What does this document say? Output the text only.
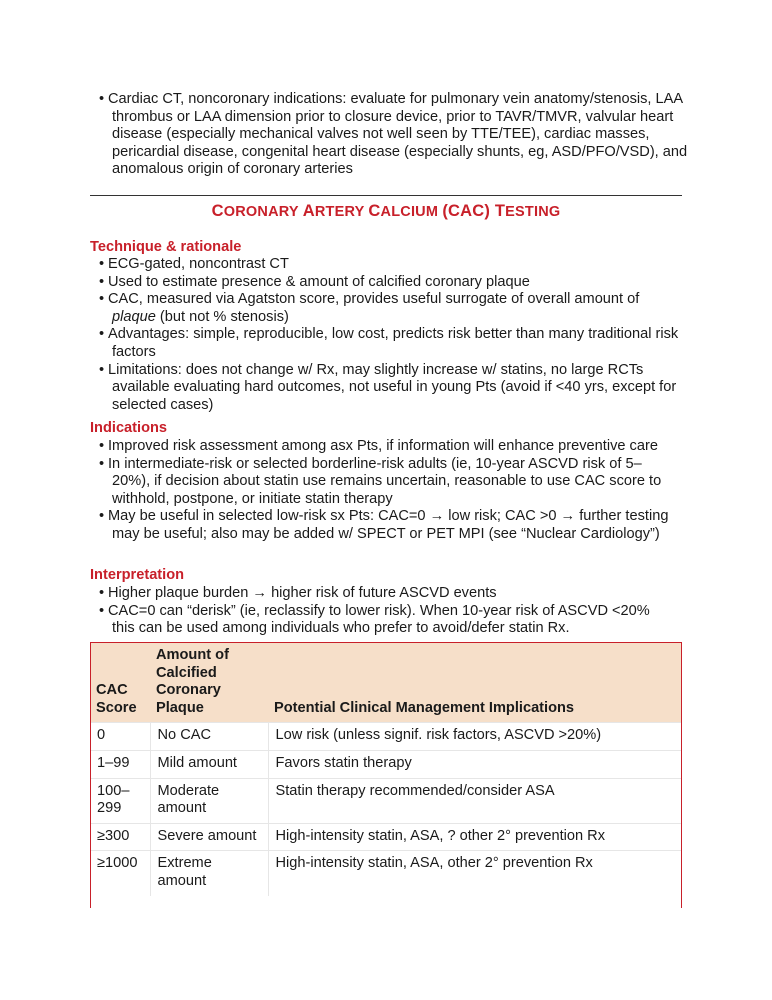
• Cardiac CT, noncoronary indications: evaluate for pulmonary vein anatomy/stenosis, LAA thrombus or LAA dimension prior to closure device, prior to TAVR/TMVR, valvular heart disease (especially mechanical valves not well seen by TTE/TEE), cardiac masses, pericardial disease, congenital heart disease (especially shunts, eg, ASD/PFO/VSD), and anomalous origin of coronary arteries
CORONARY ARTERY CALCIUM (CAC) TESTING
Technique & rationale
• ECG-gated, noncontrast CT
• Used to estimate presence & amount of calcified coronary plaque
• CAC, measured via Agatston score, provides useful surrogate of overall amount of plaque (but not % stenosis)
• Advantages: simple, reproducible, low cost, predicts risk better than many traditional risk factors
• Limitations: does not change w/ Rx, may slightly increase w/ statins, no large RCTs available evaluating hard outcomes, not useful in young Pts (avoid if <40 yrs, except for selected cases)
Indications
• Improved risk assessment among asx Pts, if information will enhance preventive care
• In intermediate-risk or selected borderline-risk adults (ie, 10-year ASCVD risk of 5–20%), if decision about statin use remains uncertain, reasonable to use CAC score to withhold, postpone, or initiate statin therapy
• May be useful in selected low-risk sx Pts: CAC=0 → low risk; CAC >0 → further testing may be useful; also may be added w/ SPECT or PET MPI (see “Nuclear Cardiology”)
Interpretation
• Higher plaque burden → higher risk of future ASCVD events
• CAC=0 can “derisk” (ie, reclassify to lower risk). When 10-year risk of ASCVD <20% this can be used among individuals who prefer to avoid/defer statin Rx.
CAC Score	Amount of Calcified Coronary Plaque	Potential Clinical Management Implications
0	No CAC	Low risk (unless signif. risk factors, ASCVD >20%)
1–99	Mild amount	Favors statin therapy
100–299	Moderate amount	Statin therapy recommended/consider ASA
≥300	Severe amount	High-intensity statin, ASA, ? other 2° prevention Rx
≥1000	Extreme amount	High-intensity statin, ASA, other 2° prevention Rx
